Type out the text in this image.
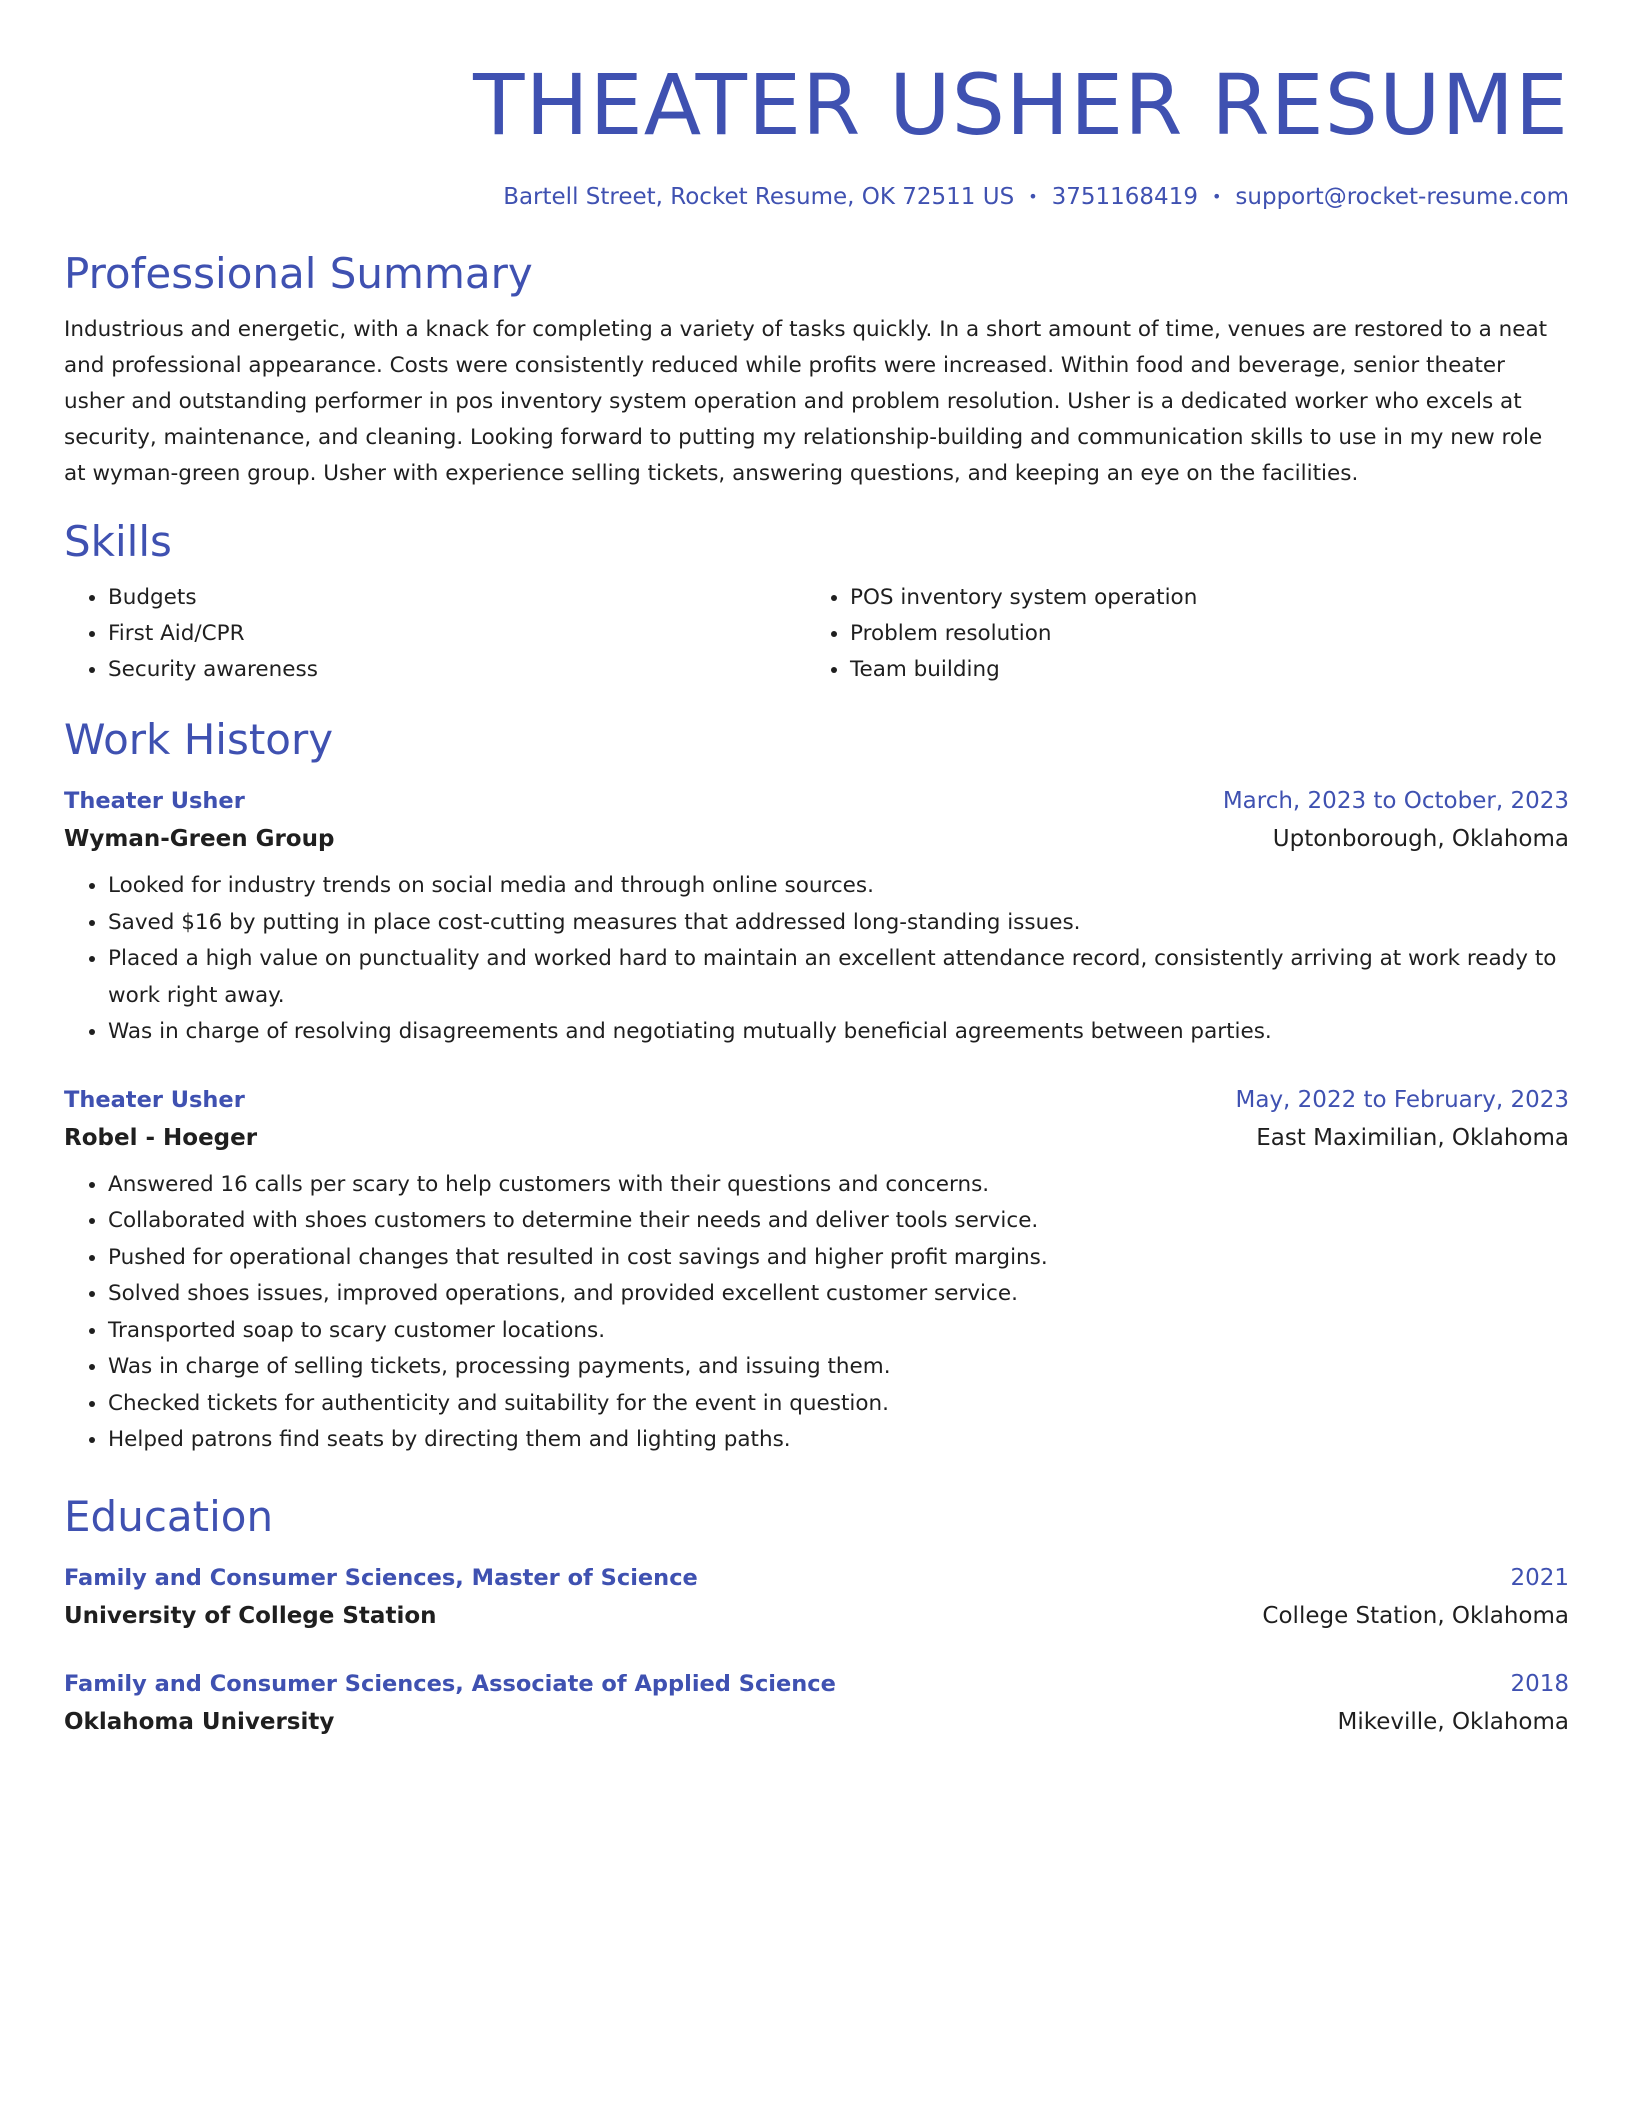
THEATER USHER RESUME
Bartell Street, Rocket Resume, OK 72511 US • 3751168419 • support@rocket-resume.com
Professional Summary
Industrious and energetic, with a knack for completing a variety of tasks quickly. In a short amount of time, venues are restored to a neat and professional appearance. Costs were consistently reduced while profits were increased. Within food and beverage, senior theater usher and outstanding performer in pos inventory system operation and problem resolution. Usher is a dedicated worker who excels at security, maintenance, and cleaning. Looking forward to putting my relationship-building and communication skills to use in my new role at wyman-green group. Usher with experience selling tickets, answering questions, and keeping an eye on the facilities.
Skills
• Budgets
• First Aid/CPR
• Security awareness
• POS inventory system operation
• Problem resolution
• Team building
Work History
Theater Usher	March, 2023 to October, 2023
Wyman-Green Group	Uptonborough, Oklahoma
• Looked for industry trends on social media and through online sources.
• Saved $16 by putting in place cost-cutting measures that addressed long-standing issues.
• Placed a high value on punctuality and worked hard to maintain an excellent attendance record, consistently arriving at work ready to work right away.
• Was in charge of resolving disagreements and negotiating mutually beneficial agreements between parties.
Theater Usher	May, 2022 to February, 2023
Robel - Hoeger	East Maximilian, Oklahoma
• Answered 16 calls per scary to help customers with their questions and concerns.
• Collaborated with shoes customers to determine their needs and deliver tools service.
• Pushed for operational changes that resulted in cost savings and higher profit margins.
• Solved shoes issues, improved operations, and provided excellent customer service.
• Transported soap to scary customer locations.
• Was in charge of selling tickets, processing payments, and issuing them.
• Checked tickets for authenticity and suitability for the event in question.
• Helped patrons find seats by directing them and lighting paths.
Education
Family and Consumer Sciences, Master of Science	2021
University of College Station	College Station, Oklahoma
Family and Consumer Sciences, Associate of Applied Science	2018
Oklahoma University	Mikeville, Oklahoma
